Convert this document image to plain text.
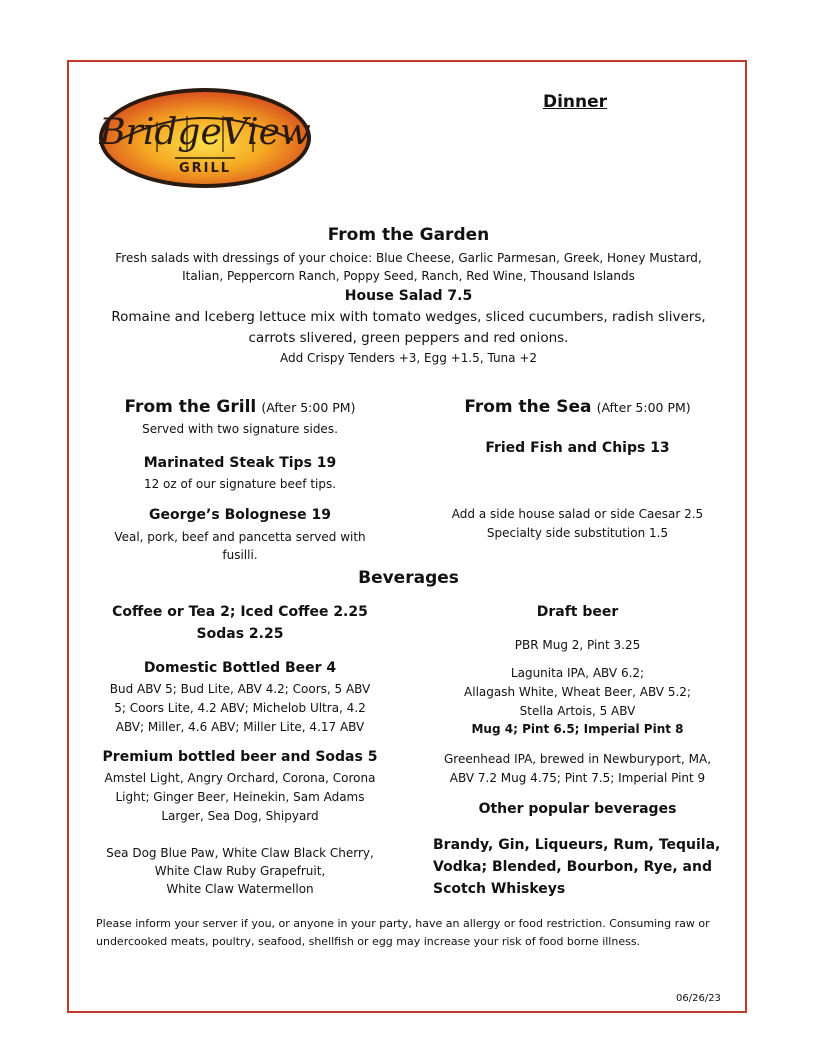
BridgeView
GRILL
Dinner
From the Garden
Fresh salads with dressings of your choice: Blue Cheese, Garlic Parmesan, Greek, Honey Mustard,
Italian, Peppercorn Ranch, Poppy Seed, Ranch, Red Wine, Thousand Islands
House Salad 7.5
Romaine and Iceberg lettuce mix with tomato wedges, sliced cucumbers, radish slivers,
carrots slivered, green peppers and red onions.
Add Crispy Tenders +3, Egg +1.5, Tuna +2
From the Grill (After 5:00 PM)
Served with two signature sides.
Marinated Steak Tips 19
12 oz of our signature beef tips.
George’s Bolognese 19
Veal, pork, beef and pancetta served with
fusilli.
From the Sea (After 5:00 PM)
Fried Fish and Chips 13
Add a side house salad or side Caesar 2.5
Specialty side substitution 1.5
Beverages
Coffee or Tea 2; Iced Coffee 2.25
Sodas 2.25
Domestic Bottled Beer 4
Bud ABV 5; Bud Lite, ABV 4.2; Coors, 5 ABV
5; Coors Lite, 4.2 ABV; Michelob Ultra, 4.2
ABV; Miller, 4.6 ABV; Miller Lite, 4.17 ABV
Premium bottled beer and Sodas 5
Amstel Light, Angry Orchard, Corona, Corona
Light; Ginger Beer, Heinekin, Sam Adams
Larger, Sea Dog, Shipyard
Sea Dog Blue Paw, White Claw Black Cherry,
White Claw Ruby Grapefruit,
White Claw Watermellon
Draft beer
PBR Mug 2, Pint 3.25
Lagunita IPA, ABV 6.2;
Allagash White, Wheat Beer, ABV 5.2;
Stella Artois, 5 ABV
Mug 4; Pint 6.5; Imperial Pint 8
Greenhead IPA, brewed in Newburyport, MA,
ABV 7.2 Mug 4.75; Pint 7.5; Imperial Pint 9
Other popular beverages
Brandy, Gin, Liqueurs, Rum, Tequila,
Vodka; Blended, Bourbon, Rye, and
Scotch Whiskeys
Please inform your server if you, or anyone in your party, have an allergy or food restriction. Consuming raw or
undercooked meats, poultry, seafood, shellfish or egg may increase your risk of food borne illness.
06/26/23
